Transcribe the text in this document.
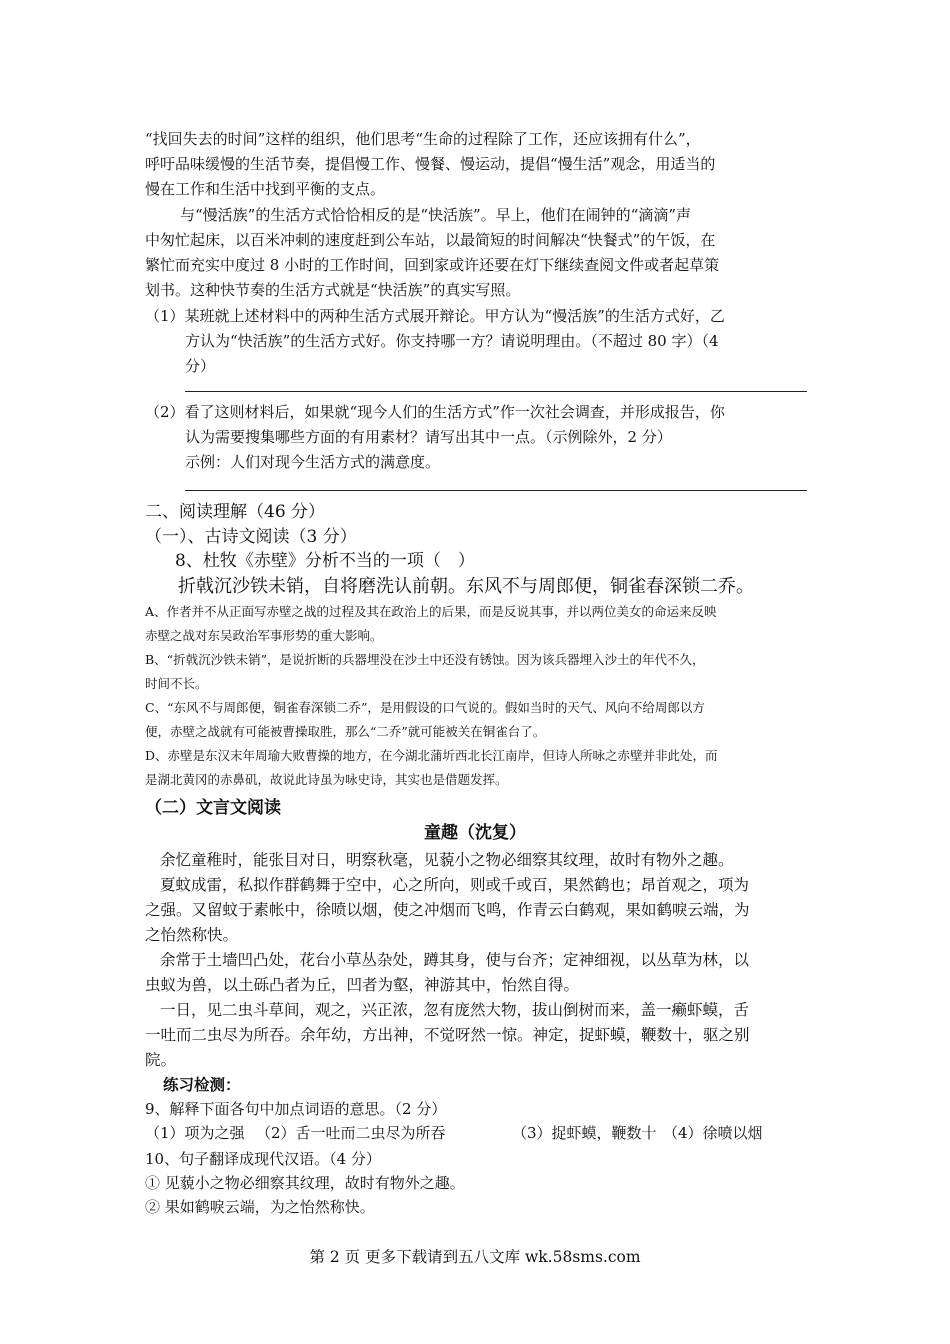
“找回失去的时间”这样的组织，他们思考“生命的过程除了工作，还应该拥有什么”，
呼吁品味缓慢的生活节奏，提倡慢工作、慢餐、慢运动，提倡“慢生活”观念，用适当的
慢在工作和生活中找到平衡的支点。
与“慢活族”的生活方式恰恰相反的是“快活族”。早上，他们在闹钟的“滴滴”声
中匆忙起床，以百米冲刺的速度赶到公车站，以最简短的时间解决“快餐式”的午饭，在
繁忙而充实中度过 8 小时的工作时间，回到家或许还要在灯下继续查阅文件或者起草策
划书。这种快节奏的生活方式就是“快活族”的真实写照。
（1）某班就上述材料中的两种生活方式展开辩论。甲方认为“慢活族”的生活方式好，乙
方认为“快活族”的生活方式好。你支持哪一方？请说明理由。（不超过 80 字）（4
分）
（2）看了这则材料后，如果就“现今人们的生活方式”作一次社会调查，并形成报告，你
认为需要搜集哪些方面的有用素材？请写出其中一点。（示例除外，2 分）
示例：人们对现今生活方式的满意度。
二、阅读理解（46 分）
（一）、古诗文阅读（3 分）
8、杜牧《赤壁》分析不当的一项（　）
折戟沉沙铁未销，自将磨洗认前朝。东风不与周郎便，铜雀春深锁二乔。
A、作者并不从正面写赤壁之战的过程及其在政治上的后果，而是反说其事，并以两位美女的命运来反映
赤壁之战对东吴政治军事形势的重大影响。
B、“折戟沉沙铁未销”，是说折断的兵器埋没在沙土中还没有锈蚀。因为该兵器埋入沙土的年代不久，
时间不长。
C、“东风不与周郎便，铜雀春深锁二乔”，是用假设的口气说的。假如当时的天气、风向不给周郎以方
便，赤壁之战就有可能被曹操取胜，那么“二乔”就可能被关在铜雀台了。
D、赤壁是东汉末年周瑜大败曹操的地方，在今湖北蒲圻西北长江南岸，但诗人所咏之赤壁并非此处，而
是湖北黄冈的赤鼻矶，故说此诗虽为咏史诗，其实也是借题发挥。
（二）文言文阅读
童趣（沈复）
余忆童稚时，能张目对日，明察秋毫，见藐小之物必细察其纹理，故时有物外之趣。
夏蚊成雷，私拟作群鹤舞于空中，心之所向，则或千或百，果然鹤也；昂首观之，项为
之强。又留蚊于素帐中，徐喷以烟，使之冲烟而飞鸣，作青云白鹤观，果如鹤唳云端，为
之怡然称快。
余常于土墙凹凸处，花台小草丛杂处，蹲其身，使与台齐；定神细视，以丛草为林，以
虫蚁为兽，以土砾凸者为丘，凹者为壑，神游其中，怡然自得。
一日，见二虫斗草间，观之，兴正浓，忽有庞然大物，拔山倒树而来，盖一癞虾蟆，舌
一吐而二虫尽为所吞。余年幼，方出神，不觉呀然一惊。神定，捉虾蟆，鞭数十，驱之别
院。
练习检测：
9、解释下面各句中加点词语的意思。（2 分）
（1）项为之强 （2）舌一吐而二虫尽为所吞	（3）捉虾蟆，鞭数十 （4）徐喷以烟
10、句子翻译成现代汉语。（4 分）
① 见藐小之物必细察其纹理，故时有物外之趣。
② 果如鹤唳云端，为之怡然称快。
第 2 页 更多下载请到五八文库 wk.58sms.com
